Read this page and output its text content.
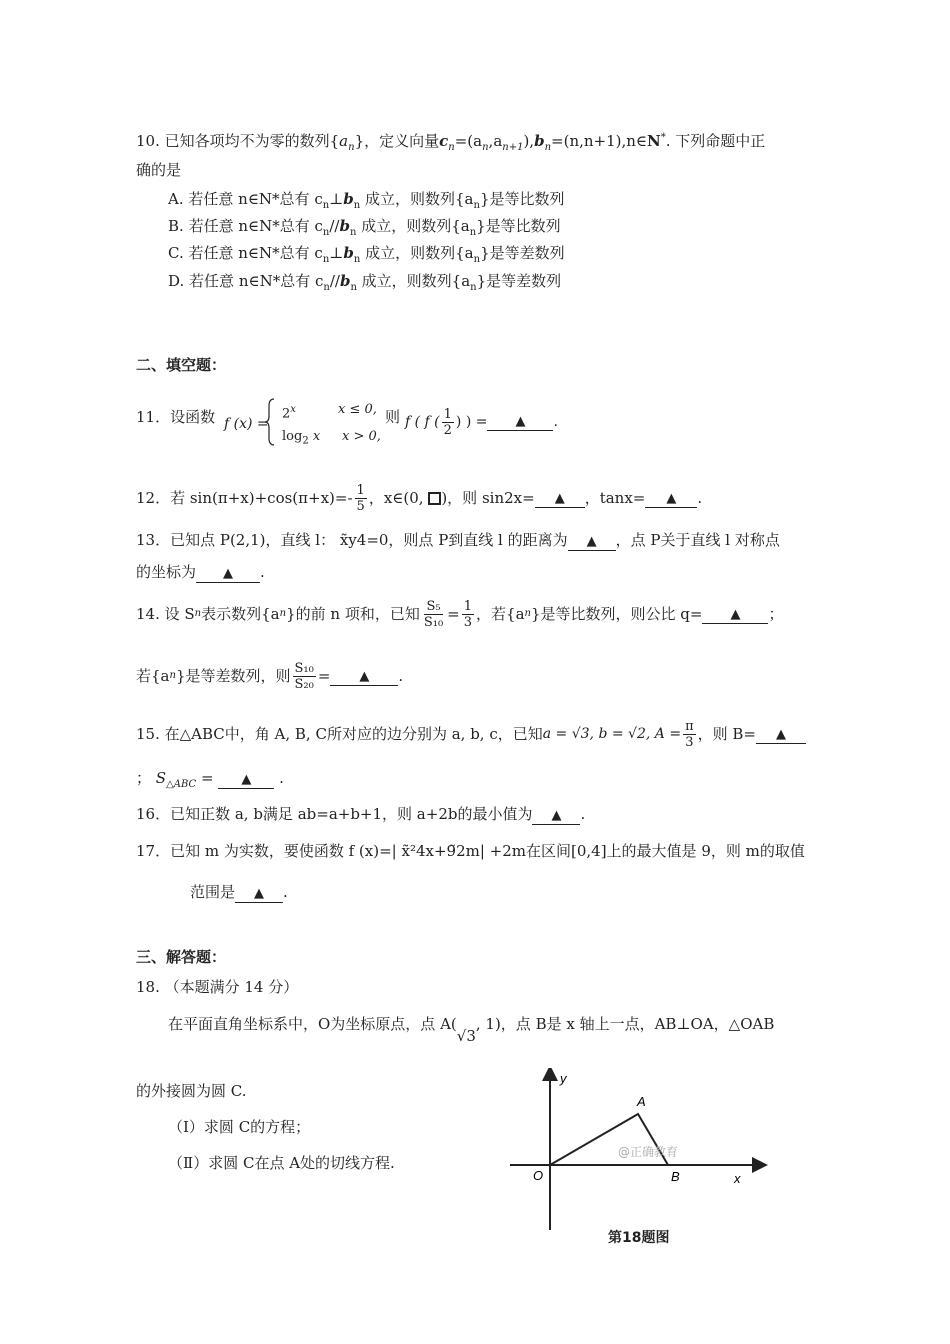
10. 已知各项均不为零的数列$\{a_n\}$，定义向量$c_n=(a_n,a_{n+1}),b_n=(n,n+1),n\in N^*$. 下列命题中正
确的是
A. 若任意 n∈N*总有 $c_n\perp b_n$ 成立，则数列$\{a_n\}$是等比数列
B. 若任意 n∈N*总有 $c_n//b_n$ 成立，则数列$\{a_n\}$是等比数列
C. 若任意 n∈N*总有 $c_n\perp b_n$ 成立，则数列$\{a_n\}$是等差数列
D. 若任意 n∈N*总有 $c_n//b_n$ 成立，则数列$\{a_n\}$是等差数列
二、填空题：
11．设函数 f (x) =
$2^x$	x ≤ 0,
$\log_2 x$ x > 0,
则 f ( f ( $\frac{1}{2}$ ) ) =	▲	.
12．若 $\sin(\pi+x)+\cos(\pi+x)=- \frac{1}{5}$ ，x∈(0,
)，则 sin2x=	▲	，tanx=	▲	.
13．已知点 P(2,1)，直线 l： x̃y4=0，则点 P到直线 l 的距离为 ▲ ，点 P关于直线 l 对称点
的坐标为 ▲ .
14. 设 S n 表示数列{a n }的前 n 项和，已知 $\frac{\text{S₅}}{\text{S₁₀}} = \frac{1}{3}$ ，若{a n }是等比数列，则公比 q=	▲	；
若{a n }是等差数列，则 $\frac{\text{S₁₀}}{\text{S₂₀}}$ =	▲	.
15. 在△ABC中，角 A, B, C所对应的边分别为 a, b, c，已知 a = √3, b = √2, $A = \frac{\pi}{3}$ ，则 B=	▲
； $S_{\triangle ABC}$ = ▲ .
16．已知正数 a, b满足 ab=a+b+1，则 a+2b的最小值为 ▲ .
17．已知 m 为实数，要使函数 f (x)=| x̃²4x+9̃2m| +2m在区间[0,4]上的最大值是 9，则 m的取值
范围是 ▲ .
三、解答题：
18. （本题满分 14 分）
在平面直角坐标系中，O为坐标原点，点 A(√3, 1)，点 B是 x 轴上一点，AB⊥OA，△OAB
的外接圆为圆 C.
（Ⅰ）求圆 C的方程；
（Ⅱ）求圆 C在点 A处的切线方程.
y
x
O
A
B
@正确教育
第18题图
